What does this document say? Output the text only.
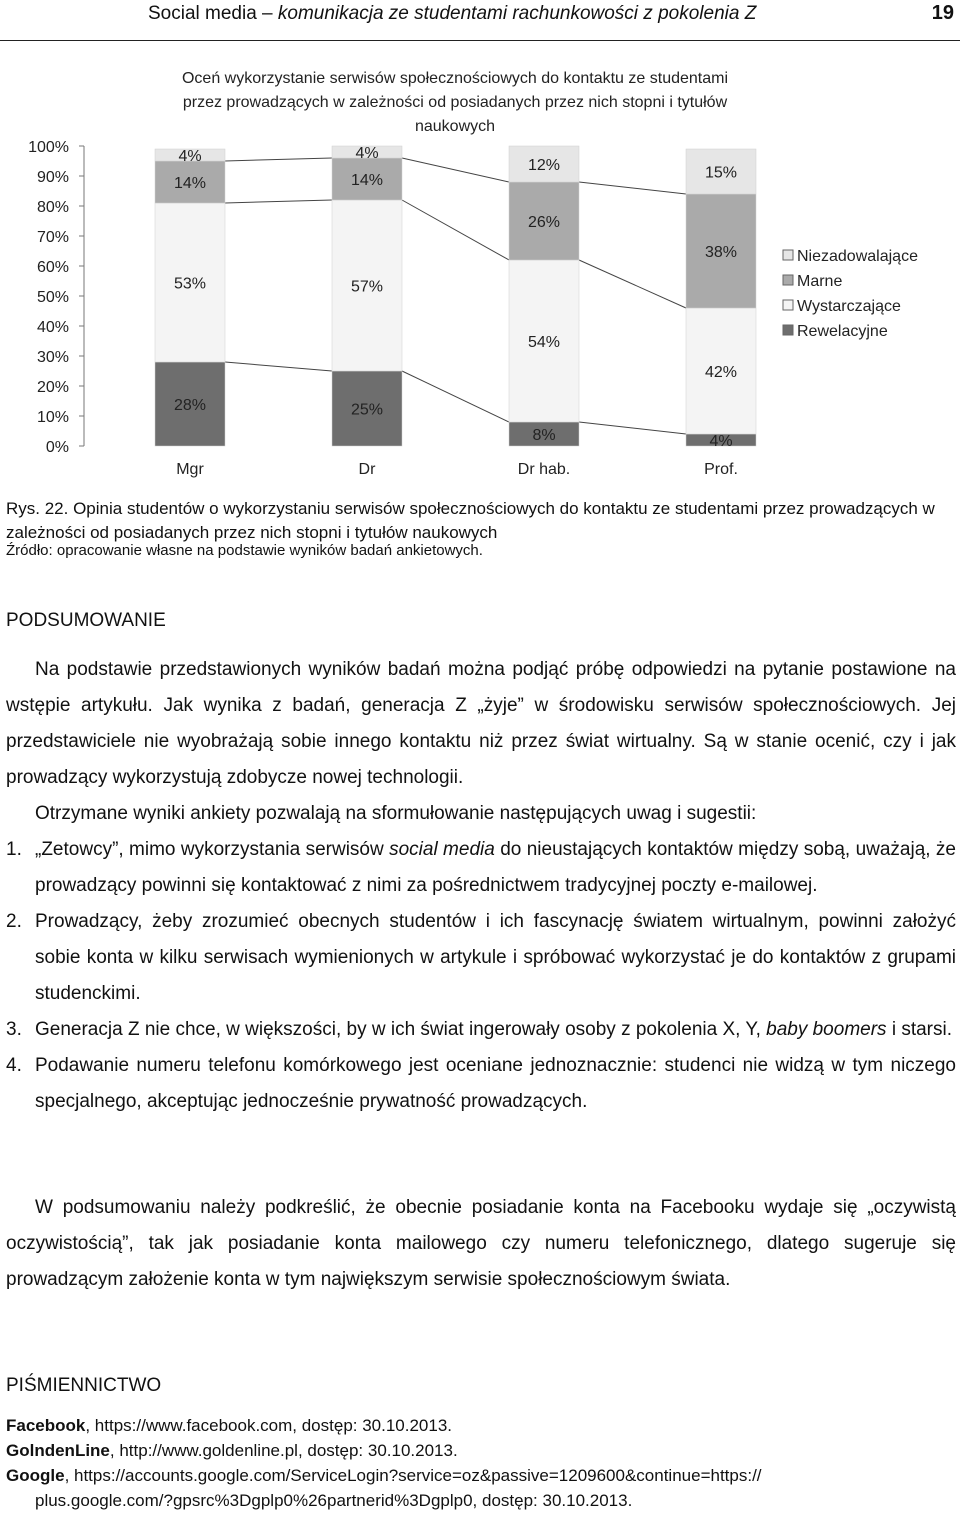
Social media – komunikacja ze studentami rachunkowości z pokolenia Z	19
Oceń wykorzystanie serwisów społecznościowych do kontaktu ze studentami
przez prowadzących w zależności od posiadanych przez nich stopni i tytułów
naukowych
0%
10%
20%
30%
40%
50%
60%
70%
80%
90%
100%
28%	25%
8%	4%
53%	57%
54%
42%
14%	14%
26%
38%
4%	4%
12%	15%
Mgr	Dr	Dr hab.	Prof.
Niezadowalające
Marne
Wystarczające
Rewelacyjne
Rys. 22. Opinia studentów o wykorzystaniu serwisów społecznościowych do kontaktu ze studentami przez prowadzących w zależności od posiadanych przez nich stopni i tytułów naukowych
Źródło: opracowanie własne na podstawie wyników badań ankietowych.
PODSUMOWANIE
Na podstawie przedstawionych wyników badań można podjąć próbę odpowiedzi na pytanie postawione na wstępie artykułu. Jak wynika z badań, generacja Z „żyje” w środowisku serwisów społecznościowych. Jej przedstawiciele nie wyobrażają sobie innego kontaktu niż przez świat wirtualny. Są w stanie ocenić, czy i jak prowadzący wykorzystują zdobycze nowej technologii.
Otrzymane wyniki ankiety pozwalają na sformułowanie następujących uwag i sugestii:
1. „Zetowcy”, mimo wykorzystania serwisów social media do nieustających kontaktów między sobą, uważają, że prowadzący powinni się kontaktować z nimi za pośrednictwem tradycyjnej poczty e-mailowej.
2. Prowadzący, żeby zrozumieć obecnych studentów i ich fascynację światem wirtualnym, powinni założyć sobie konta w kilku serwisach wymienionych w artykule i spróbować wykorzystać je do kontaktów z grupami studenckimi.
3. Generacja Z nie chce, w większości, by w ich świat ingerowały osoby z pokolenia X, Y, baby boomers i starsi.
4. Podawanie numeru telefonu komórkowego jest oceniane jednoznacznie: studenci nie widzą w tym niczego specjalnego, akceptując jednocześnie prywatność prowadzących.
W podsumowaniu należy podkreślić, że obecnie posiadanie konta na Facebooku wydaje się „oczywistą oczywistością”, tak jak posiadanie konta mailowego czy numeru telefonicznego, dlatego sugeruje się prowadzącym założenie konta w tym największym serwisie społecznościowym świata.
PIŚMIENNICTWO
Facebook, https://www.facebook.com, dostęp: 30.10.2013.
GolndenLine, http://www.goldenline.pl, dostęp: 30.10.2013.
Google, https://accounts.google.com/ServiceLogin?service=oz&passive=1209600&continue=https://
plus.google.com/?gpsrc%3Dgplp0%26partnerid%3Dgplp0, dostęp: 30.10.2013.
